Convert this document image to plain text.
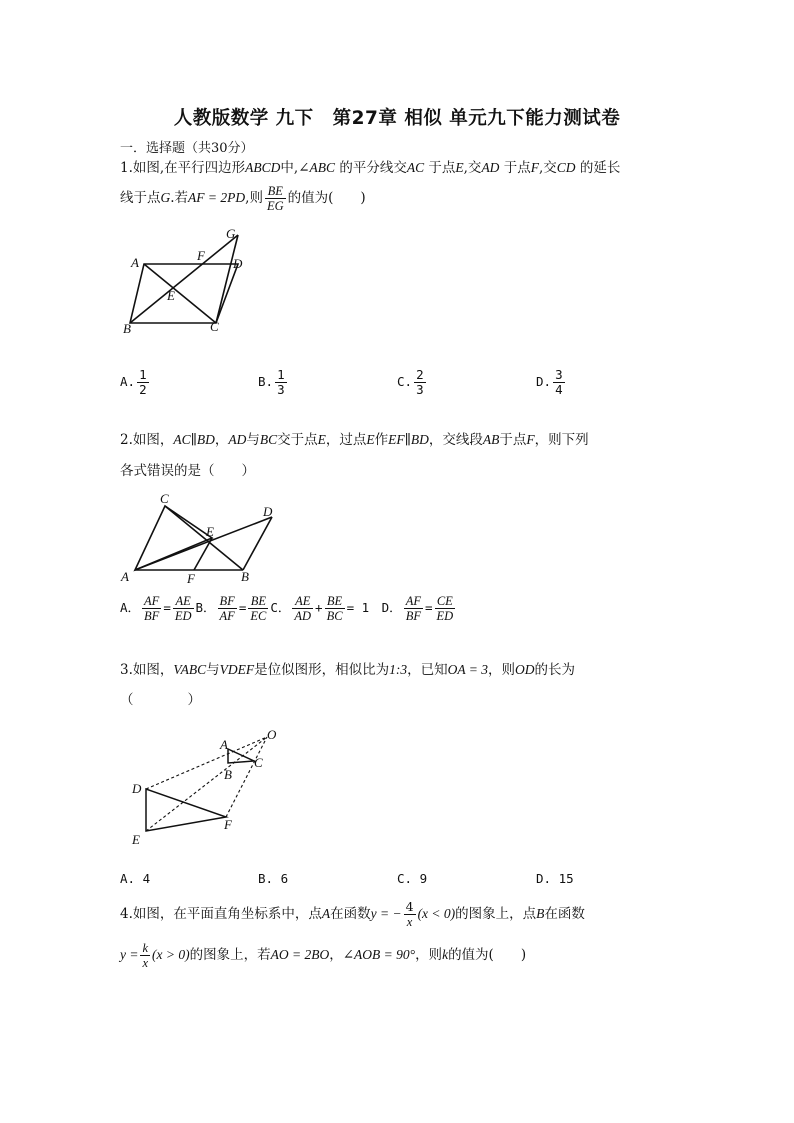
人教版数学 九下　第27章 相似 单元九下能力测试卷
一．选择题（共30分）
1.如图,在平行四边形ABCD中,∠ABC 的平分线交AC 于点E,交AD 于点F,交CD 的延长
线于点G.若AF = 2PD,则 $\frac{BE}{EG}$ 的值为(　　)
A
B	C
D
E
F
G
A. $\frac{1}{2}$	B. $\frac{1}{3}$	C. $\frac{2}{3}$	D. $\frac{3}{4}$
2.如图，AC∥BD，AD与BC交于点E，过点E作EF∥BD，交线段AB于点F，则下列
各式错误的是（　　）
A	B
C
D
E
F
A． $\frac{AF}{BF} = \frac{AE}{ED}$ B． $\frac{BF}{AF} = \frac{BE}{EC}$ C． $\frac{AE}{AD} + \frac{BE}{BC} = 1$　 D． $\frac{AF}{BF} = \frac{CE}{ED}$
3.如图，VABC与VDEF是位似图形，相似比为1:3，已知OA = 3，则OD的长为
（　　　　）
A
B
C
D
E
F
O
A. 4	B. 6	C. 9	D. 15
4.如图，在平面直角坐标系中，点A在函数y = − $\frac{4}{x} (x < 0)$的图象上，点B在函数
$y = \frac{k}{x} (x > 0)$的图象上，若AO = 2BO，∠AOB = 90°，则k的值为(　　)
